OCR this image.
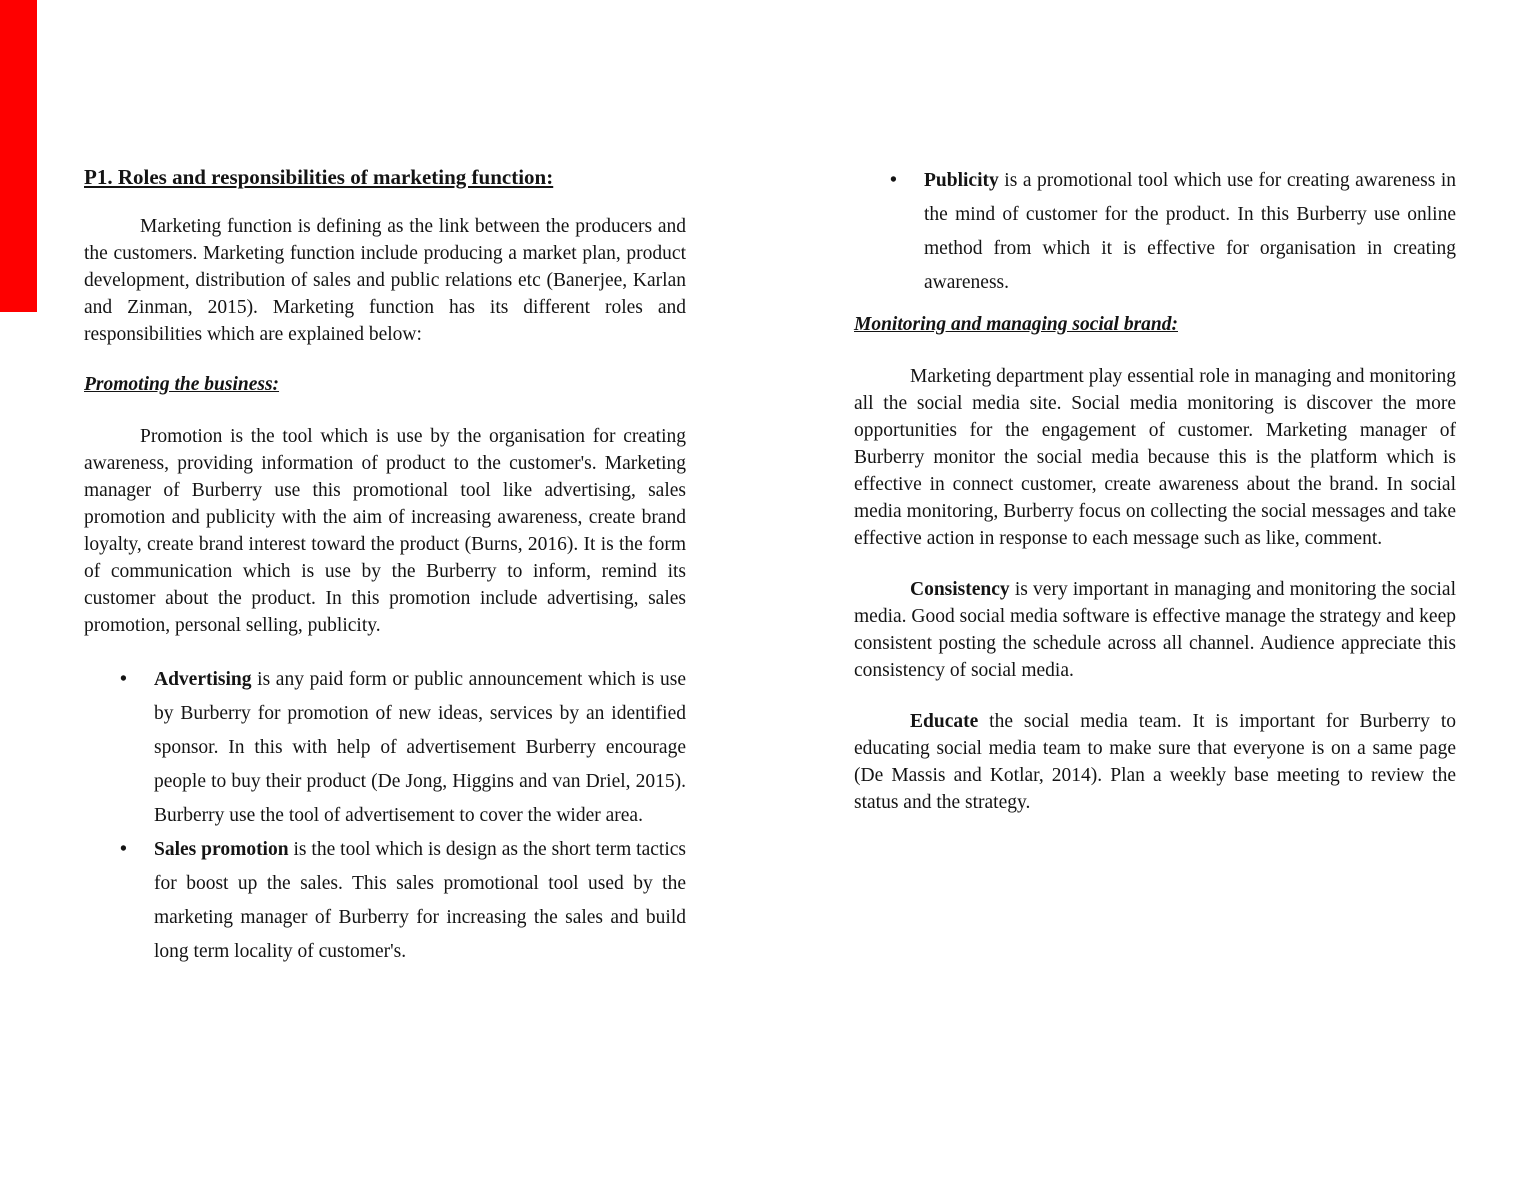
P1. Roles and responsibilities of marketing function:

Marketing function is defining as the link between the producers and the customers. Marketing function include producing a market plan, product development, distribution of sales and public relations etc (Banerjee, Karlan and Zinman, 2015). Marketing function has its different roles and responsibilities which are explained below:

Promoting the business:

Promotion is the tool which is use by the organisation for creating awareness, providing information of product to the customer's. Marketing manager of Burberry use this promotional tool like advertising, sales promotion and publicity with the aim of increasing awareness, create brand loyalty, create brand interest toward the product (Burns, 2016). It is the form of communication which is use by the Burberry to inform, remind its customer about the product. In this promotion include advertising, sales promotion, personal selling, publicity.

• Advertising is any paid form or public announcement which is use by Burberry for promotion of new ideas, services by an identified sponsor. In this with help of advertisement Burberry encourage people to buy their product (De Jong, Higgins and van Driel, 2015). Burberry use the tool of advertisement to cover the wider area.
• Sales promotion is the tool which is design as the short term tactics for boost up the sales. This sales promotional tool used by the marketing manager of Burberry for increasing the sales and build long term locality of customer's.
• Publicity is a promotional tool which use for creating awareness in the mind of customer for the product. In this Burberry use online method from which it is effective for organisation in creating awareness.
Monitoring and managing social brand:

Marketing department play essential role in managing and monitoring all the social media site. Social media monitoring is discover the more opportunities for the engagement of customer. Marketing manager of Burberry monitor the social media because this is the platform which is effective in connect customer, create awareness about the brand. In social media monitoring, Burberry focus on collecting the social messages and take effective action in response to each message such as like, comment.

Consistency is very important in managing and monitoring the social media. Good social media software is effective manage the strategy and keep consistent posting the schedule across all channel. Audience appreciate this consistency of social media.

Educate the social media team. It is important for Burberry to educating social media team to make sure that everyone is on a same page (De Massis and Kotlar, 2014). Plan a weekly base meeting to review the status and the strategy.
